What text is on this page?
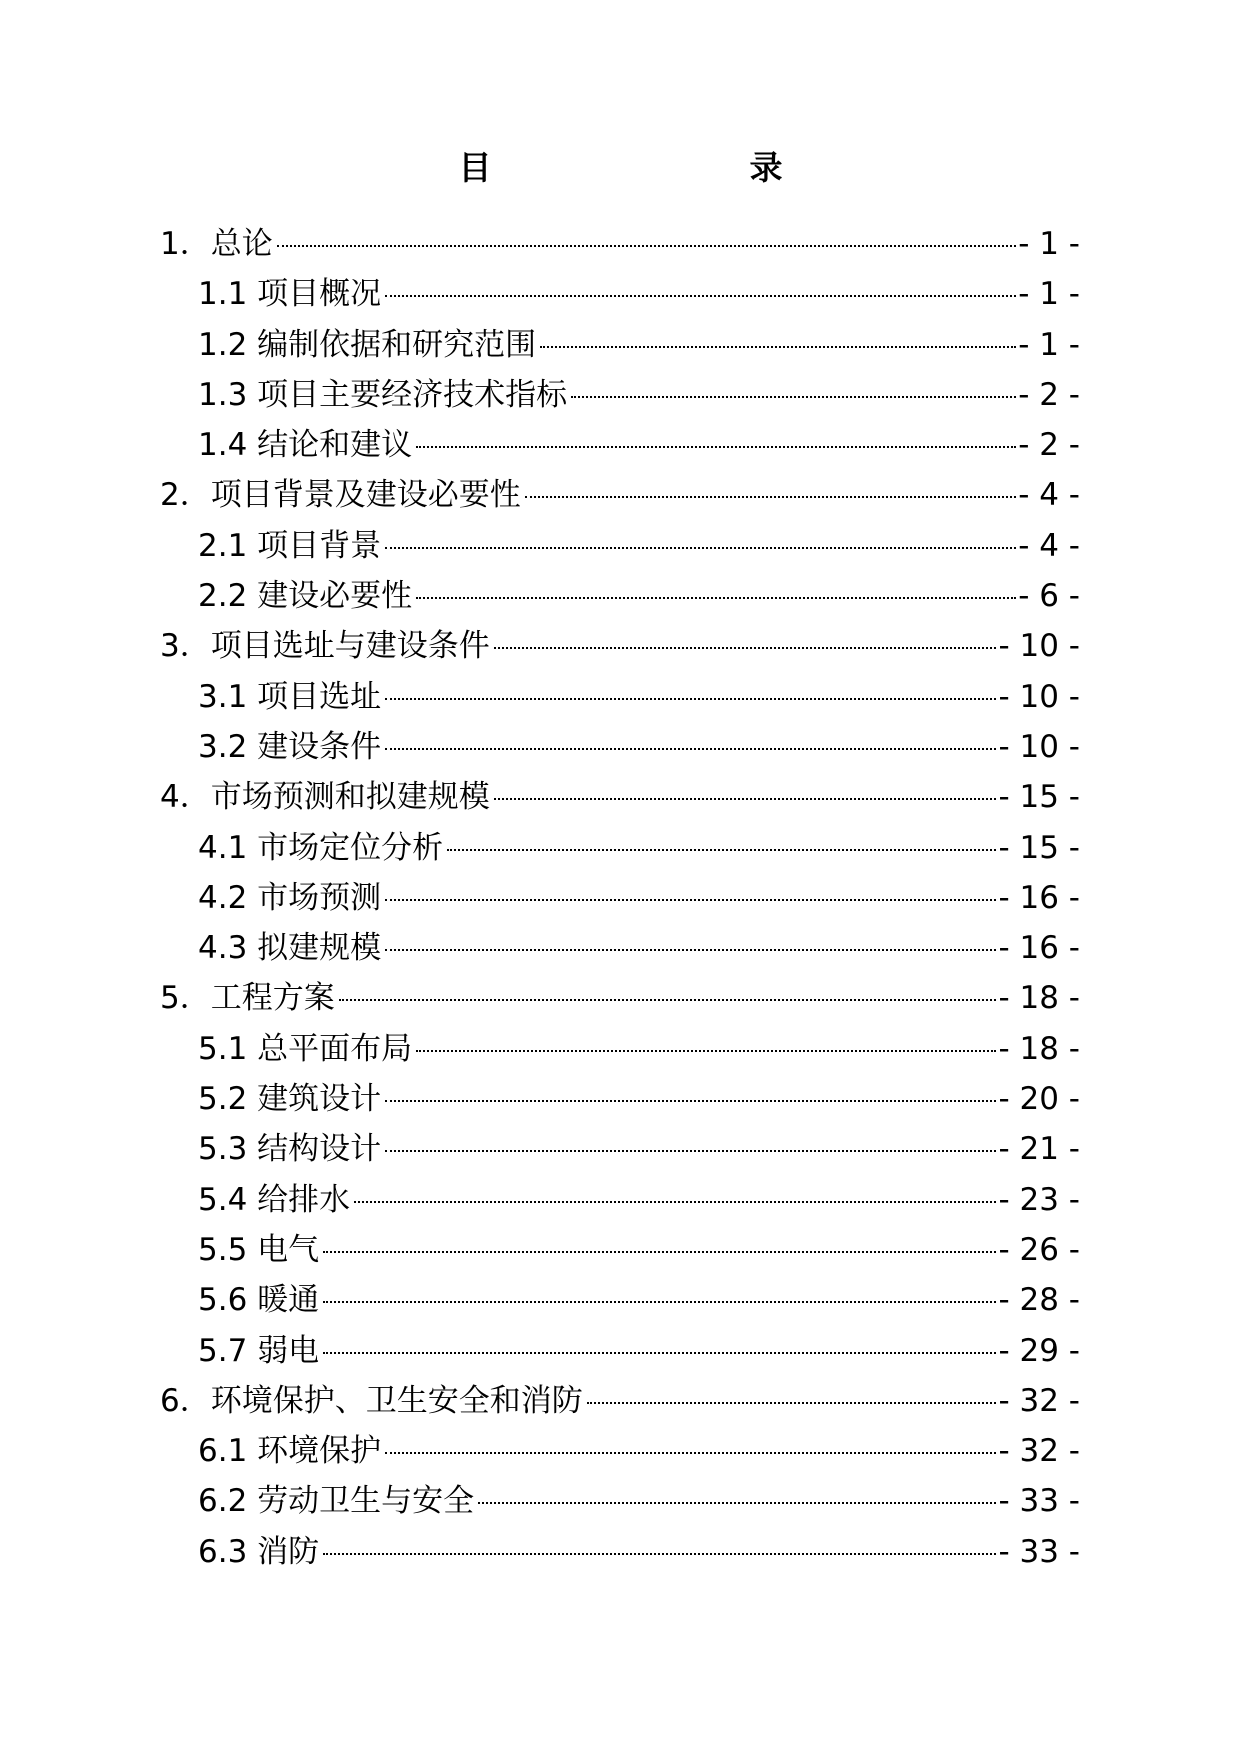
目　　录
1．总论	- 1 -
1.1 项目概况	- 1 -
1.2 编制依据和研究范围	- 1 -
1.3 项目主要经济技术指标	- 2 -
1.4 结论和建议	- 2 -
2．项目背景及建设必要性	- 4 -
2.1 项目背景	- 4 -
2.2 建设必要性	- 6 -
3．项目选址与建设条件	- 10 -
3.1 项目选址	- 10 -
3.2 建设条件	- 10 -
4．市场预测和拟建规模	- 15 -
4.1 市场定位分析	- 15 -
4.2 市场预测	- 16 -
4.3 拟建规模	- 16 -
5．工程方案	- 18 -
5.1 总平面布局	- 18 -
5.2 建筑设计	- 20 -
5.3 结构设计	- 21 -
5.4 给排水	- 23 -
5.5 电气	- 26 -
5.6 暖通	- 28 -
5.7 弱电	- 29 -
6．环境保护、卫生安全和消防	- 32 -
6.1 环境保护	- 32 -
6.2 劳动卫生与安全	- 33 -
6.3 消防	- 33 -
